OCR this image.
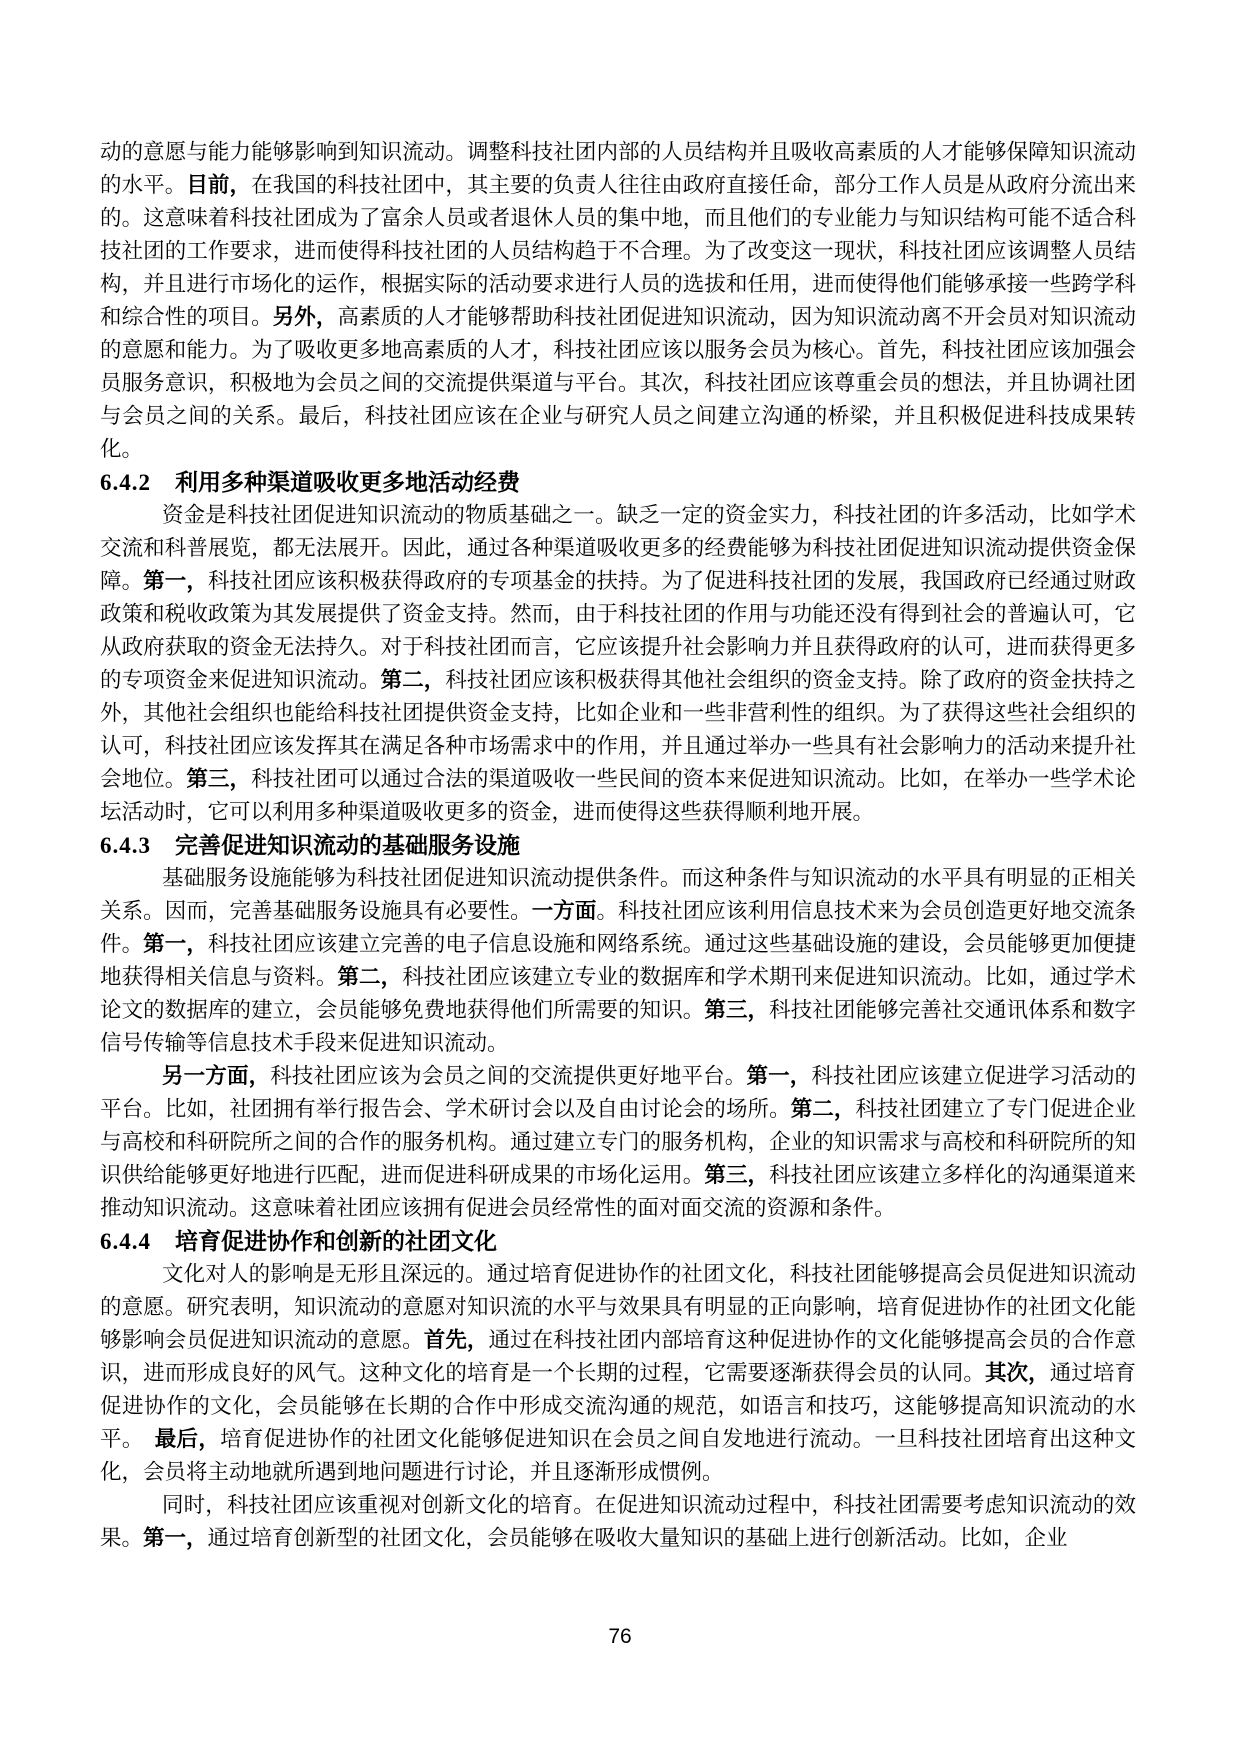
动的意愿与能力能够影响到知识流动。调整科技社团内部的人员结构并且吸收高素质的人才能够保障知识流动的水平。目前，在我国的科技社团中，其主要的负责人往往由政府直接任命，部分工作人员是从政府分流出来的。这意味着科技社团成为了富余人员或者退休人员的集中地，而且他们的专业能力与知识结构可能不适合科技社团的工作要求，进而使得科技社团的人员结构趋于不合理。为了改变这一现状，科技社团应该调整人员结构，并且进行市场化的运作，根据实际的活动要求进行人员的选拔和任用，进而使得他们能够承接一些跨学科和综合性的项目。另外，高素质的人才能够帮助科技社团促进知识流动，因为知识流动离不开会员对知识流动的意愿和能力。为了吸收更多地高素质的人才，科技社团应该以服务会员为核心。首先，科技社团应该加强会员服务意识，积极地为会员之间的交流提供渠道与平台。其次，科技社团应该尊重会员的想法，并且协调社团与会员之间的关系。最后，科技社团应该在企业与研究人员之间建立沟通的桥梁，并且积极促进科技成果转化。

6.4.2 利用多种渠道吸收更多地活动经费

资金是科技社团促进知识流动的物质基础之一。缺乏一定的资金实力，科技社团的许多活动，比如学术交流和科普展览，都无法展开。因此，通过各种渠道吸收更多的经费能够为科技社团促进知识流动提供资金保障。第一，科技社团应该积极获得政府的专项基金的扶持。为了促进科技社团的发展，我国政府已经通过财政政策和税收政策为其发展提供了资金支持。然而，由于科技社团的作用与功能还没有得到社会的普遍认可，它从政府获取的资金无法持久。对于科技社团而言，它应该提升社会影响力并且获得政府的认可，进而获得更多的专项资金来促进知识流动。第二，科技社团应该积极获得其他社会组织的资金支持。除了政府的资金扶持之外，其他社会组织也能给科技社团提供资金支持，比如企业和一些非营利性的组织。为了获得这些社会组织的认可，科技社团应该发挥其在满足各种市场需求中的作用，并且通过举办一些具有社会影响力的活动来提升社会地位。第三，科技社团可以通过合法的渠道吸收一些民间的资本来促进知识流动。比如，在举办一些学术论坛活动时，它可以利用多种渠道吸收更多的资金，进而使得这些获得顺利地开展。

6.4.3 完善促进知识流动的基础服务设施

基础服务设施能够为科技社团促进知识流动提供条件。而这种条件与知识流动的水平具有明显的正相关关系。因而，完善基础服务设施具有必要性。一方面。科技社团应该利用信息技术来为会员创造更好地交流条件。第一，科技社团应该建立完善的电子信息设施和网络系统。通过这些基础设施的建设，会员能够更加便捷地获得相关信息与资料。第二，科技社团应该建立专业的数据库和学术期刊来促进知识流动。比如，通过学术论文的数据库的建立，会员能够免费地获得他们所需要的知识。第三，科技社团能够完善社交通讯体系和数字信号传输等信息技术手段来促进知识流动。

另一方面，科技社团应该为会员之间的交流提供更好地平台。第一，科技社团应该建立促进学习活动的平台。比如，社团拥有举行报告会、学术研讨会以及自由讨论会的场所。第二，科技社团建立了专门促进企业与高校和科研院所之间的合作的服务机构。通过建立专门的服务机构，企业的知识需求与高校和科研院所的知识供给能够更好地进行匹配，进而促进科研成果的市场化运用。第三，科技社团应该建立多样化的沟通渠道来推动知识流动。这意味着社团应该拥有促进会员经常性的面对面交流的资源和条件。

6.4.4 培育促进协作和创新的社团文化

文化对人的影响是无形且深远的。通过培育促进协作的社团文化，科技社团能够提高会员促进知识流动的意愿。研究表明，知识流动的意愿对知识流的水平与效果具有明显的正向影响，培育促进协作的社团文化能够影响会员促进知识流动的意愿。首先，通过在科技社团内部培育这种促进协作的文化能够提高会员的合作意识，进而形成良好的风气。这种文化的培育是一个长期的过程，它需要逐渐获得会员的认同。其次，通过培育促进协作的文化，会员能够在长期的合作中形成交流沟通的规范，如语言和技巧，这能够提高知识流动的水平。　最后，培育促进协作的社团文化能够促进知识在会员之间自发地进行流动。一旦科技社团培育出这种文化，会员将主动地就所遇到地问题进行讨论，并且逐渐形成惯例。

同时，科技社团应该重视对创新文化的培育。在促进知识流动过程中，科技社团需要考虑知识流动的效果。第一，通过培育创新型的社团文化，会员能够在吸收大量知识的基础上进行创新活动。比如，企业

76
